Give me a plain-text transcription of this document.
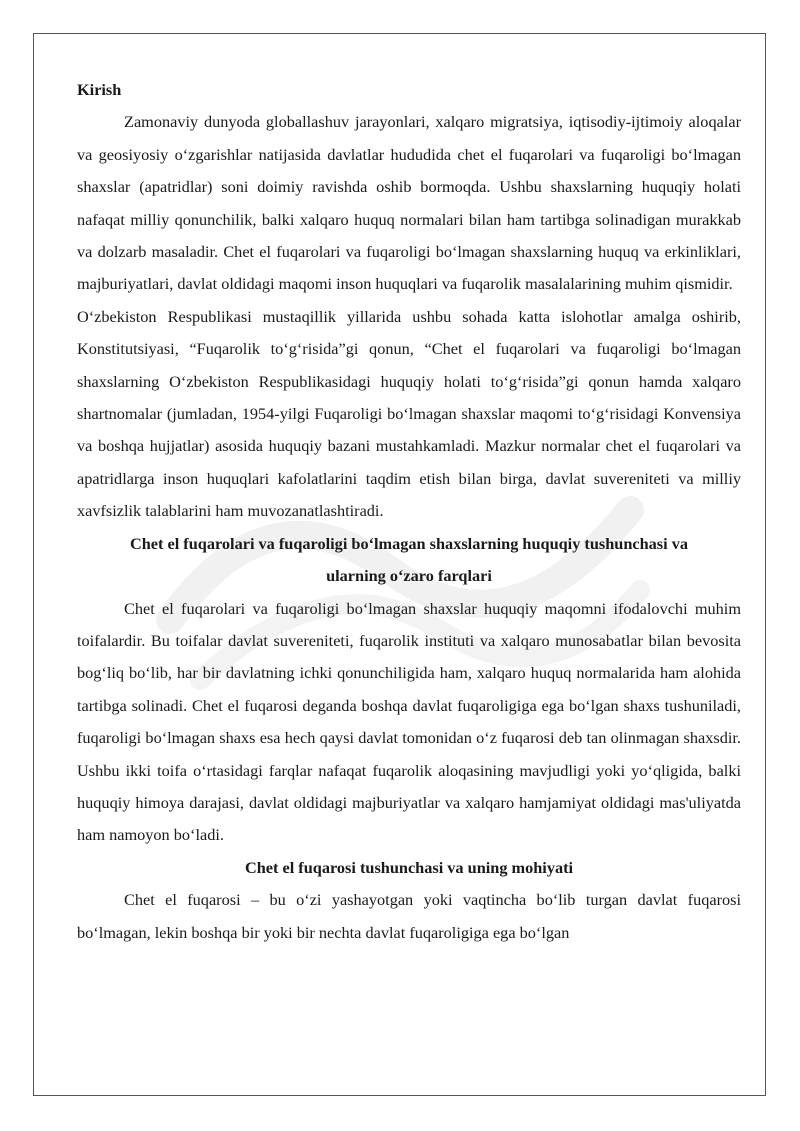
Kirish

Zamonaviy dunyoda globallashuv jarayonlari, xalqaro migratsiya, iqtisodiy-ijtimoiy aloqalar va geosiyosiy o‘zgarishlar natijasida davlatlar hududida chet el fuqarolari va fuqaroligi bo‘lmagan shaxslar (apatridlar) soni doimiy ravishda oshib bormoqda. Ushbu shaxslarning huquqiy holati nafaqat milliy qonunchilik, balki xalqaro huquq normalari bilan ham tartibga solinadigan murakkab va dolzarb masaladir. Chet el fuqarolari va fuqaroligi bo‘lmagan shaxslarning huquq va erkinliklari, majburiyatlari, davlat oldidagi maqomi inson huquqlari va fuqarolik masalalarining muhim qismidir.

O‘zbekiston Respublikasi mustaqillik yillarida ushbu sohada katta islohotlar amalga oshirib, Konstitutsiyasi, “Fuqarolik to‘g‘risida”gi qonun, “Chet el fuqarolari va fuqaroligi bo‘lmagan shaxslarning O‘zbekiston Respublikasidagi huquqiy holati to‘g‘risida”gi qonun hamda xalqaro shartnomalar (jumladan, 1954-yilgi Fuqaroligi bo‘lmagan shaxslar maqomi to‘g‘risidagi Konvensiya va boshqa hujjatlar) asosida huquqiy bazani mustahkamladi. Mazkur normalar chet el fuqarolari va apatridlarga inson huquqlari kafolatlarini taqdim etish bilan birga, davlat suvereniteti va milliy xavfsizlik talablarini ham muvozanatlashtiradi.

Chet el fuqarolari va fuqaroligi bo‘lmagan shaxslarning huquqiy tushunchasi va

ularning o‘zaro farqlari

Chet el fuqarolari va fuqaroligi bo‘lmagan shaxslar huquqiy maqomni ifodalovchi muhim toifalardir. Bu toifalar davlat suvereniteti, fuqarolik instituti va xalqaro munosabatlar bilan bevosita bog‘liq bo‘lib, har bir davlatning ichki qonunchiligida ham, xalqaro huquq normalarida ham alohida tartibga solinadi. Chet el fuqarosi deganda boshqa davlat fuqaroligiga ega bo‘lgan shaxs tushuniladi, fuqaroligi bo‘lmagan shaxs esa hech qaysi davlat tomonidan o‘z fuqarosi deb tan olinmagan shaxsdir. Ushbu ikki toifa o‘rtasidagi farqlar nafaqat fuqarolik aloqasining mavjudligi yoki yo‘qligida, balki huquqiy himoya darajasi, davlat oldidagi majburiyatlar va xalqaro hamjamiyat oldidagi mas'uliyatda ham namoyon bo‘ladi.

Chet el fuqarosi tushunchasi va uning mohiyati

Chet el fuqarosi – bu o‘zi yashayotgan yoki vaqtincha bo‘lib turgan davlat fuqarosi bo‘lmagan, lekin boshqa bir yoki bir nechta davlat fuqaroligiga ega bo‘lgan
